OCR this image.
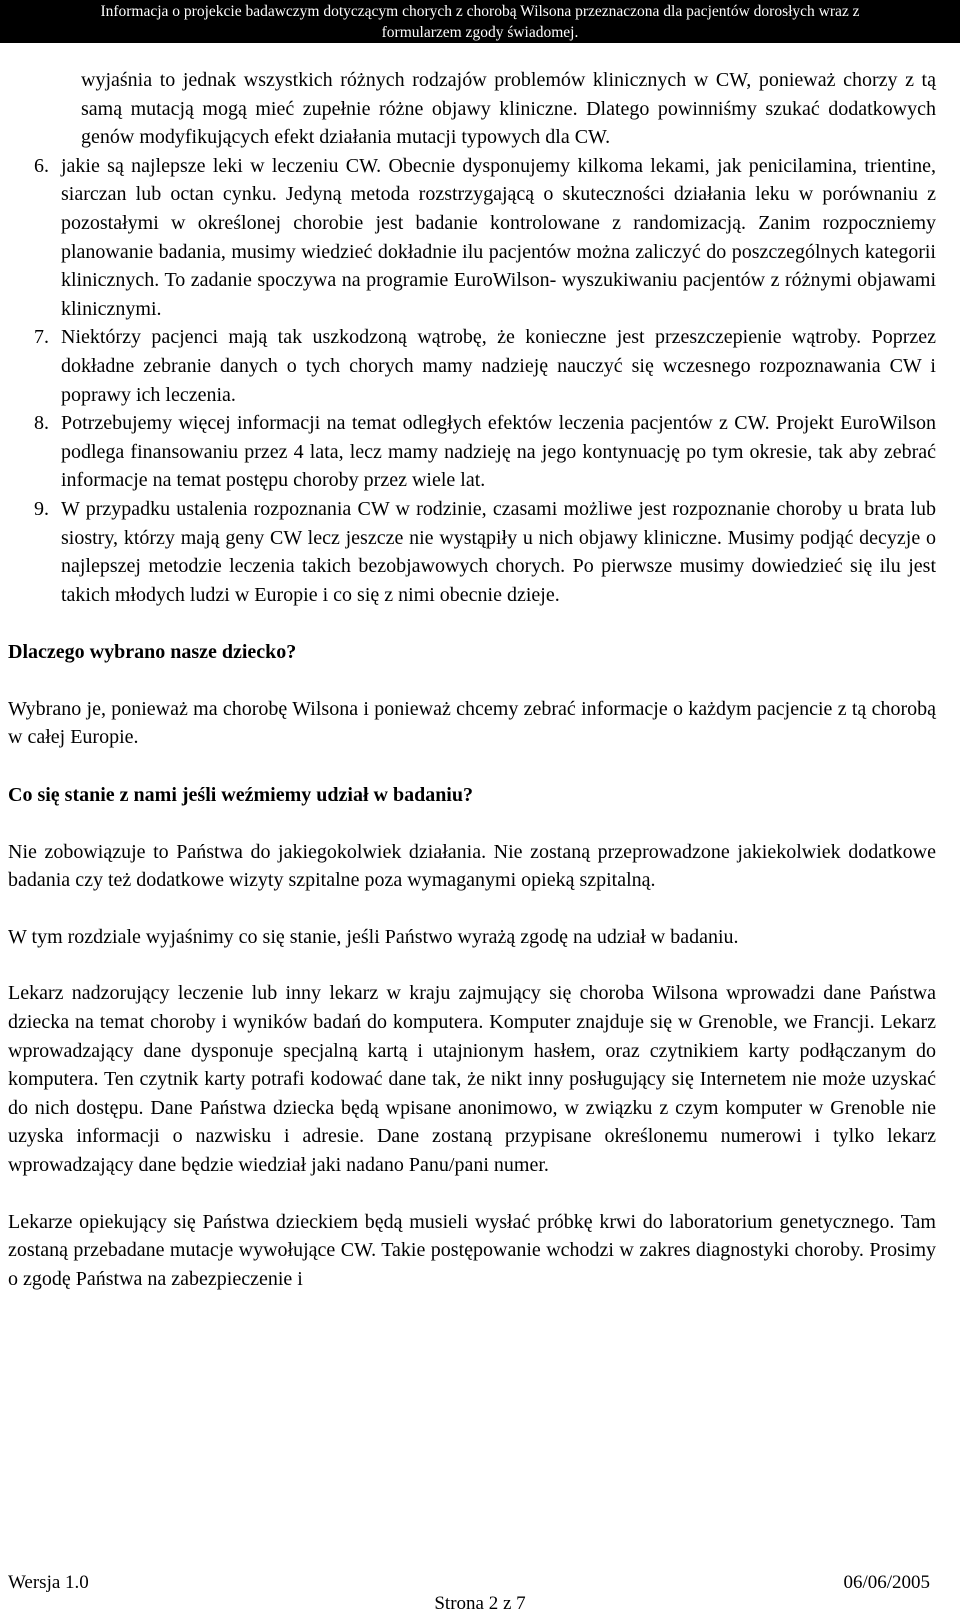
Informacja o projekcie badawczym dotyczącym chorych z chorobą Wilsona przeznaczona dla pacjentów dorosłych wraz z
formularzem zgody świadomej.
wyjaśnia to jednak wszystkich różnych rodzajów problemów klinicznych w CW, ponieważ chorzy z tą samą mutacją mogą mieć zupełnie różne objawy kliniczne. Dlatego powinniśmy szukać dodatkowych genów modyfikujących efekt działania mutacji typowych dla CW.
6. jakie są najlepsze leki w leczeniu CW. Obecnie dysponujemy kilkoma lekami, jak penicilamina, trientine, siarczan lub octan cynku. Jedyną metoda rozstrzygającą o skuteczności działania leku w porównaniu z pozostałymi w określonej chorobie jest badanie kontrolowane z randomizacją. Zanim rozpoczniemy planowanie badania, musimy wiedzieć dokładnie ilu pacjentów można zaliczyć do poszczególnych kategorii klinicznych. To zadanie spoczywa na programie EuroWilson- wyszukiwaniu pacjentów z różnymi objawami klinicznymi.
7. Niektórzy pacjenci mają tak uszkodzoną wątrobę, że konieczne jest przeszczepienie wątroby. Poprzez dokładne zebranie danych o tych chorych mamy nadzieję nauczyć się wczesnego rozpoznawania CW i poprawy ich leczenia.
8. Potrzebujemy więcej informacji na temat odległych efektów leczenia pacjentów z CW. Projekt EuroWilson podlega finansowaniu przez 4 lata, lecz mamy nadzieję na jego kontynuację po tym okresie, tak aby zebrać informacje na temat postępu choroby przez wiele lat.
9. W przypadku ustalenia rozpoznania CW w rodzinie, czasami możliwe jest rozpoznanie choroby u brata lub siostry, którzy mają geny CW lecz jeszcze nie wystąpiły u nich objawy kliniczne. Musimy podjąć decyzje o najlepszej metodzie leczenia takich bezobjawowych chorych. Po pierwsze musimy dowiedzieć się ilu jest takich młodych ludzi w Europie i co się z nimi obecnie dzieje.

Dlaczego wybrano nasze dziecko?

Wybrano je, ponieważ ma chorobę Wilsona i ponieważ chcemy zebrać informacje o każdym pacjencie z tą chorobą w całej Europie.

Co się stanie z nami jeśli weźmiemy udział w badaniu?

Nie zobowiązuje to Państwa do jakiegokolwiek działania. Nie zostaną przeprowadzone jakiekolwiek dodatkowe badania czy też dodatkowe wizyty szpitalne poza wymaganymi opieką szpitalną.

W tym rozdziale wyjaśnimy co się stanie, jeśli Państwo wyrażą zgodę na udział w badaniu.

Lekarz nadzorujący leczenie lub inny lekarz w kraju zajmujący się choroba Wilsona wprowadzi dane Państwa dziecka na temat choroby i wyników badań do komputera. Komputer znajduje się w Grenoble, we Francji. Lekarz wprowadzający dane dysponuje specjalną kartą i utajnionym hasłem, oraz czytnikiem karty podłączanym do komputera. Ten czytnik karty potrafi kodować dane tak, że nikt inny posługujący się Internetem nie może uzyskać do nich dostępu. Dane Państwa dziecka będą wpisane anonimowo, w związku z czym komputer w Grenoble nie uzyska informacji o nazwisku i adresie. Dane zostaną przypisane określonemu numerowi i tylko lekarz wprowadzający dane będzie wiedział jaki nadano Panu/pani numer.

Lekarze opiekujący się Państwa dzieckiem będą musieli wysłać próbkę krwi do laboratorium genetycznego. Tam zostaną przebadane mutacje wywołujące CW. Takie postępowanie wchodzi w zakres diagnostyki choroby. Prosimy o zgodę Państwa na zabezpieczenie i

Wersja 1.0	06/06/2005
Strona 2 z 7
